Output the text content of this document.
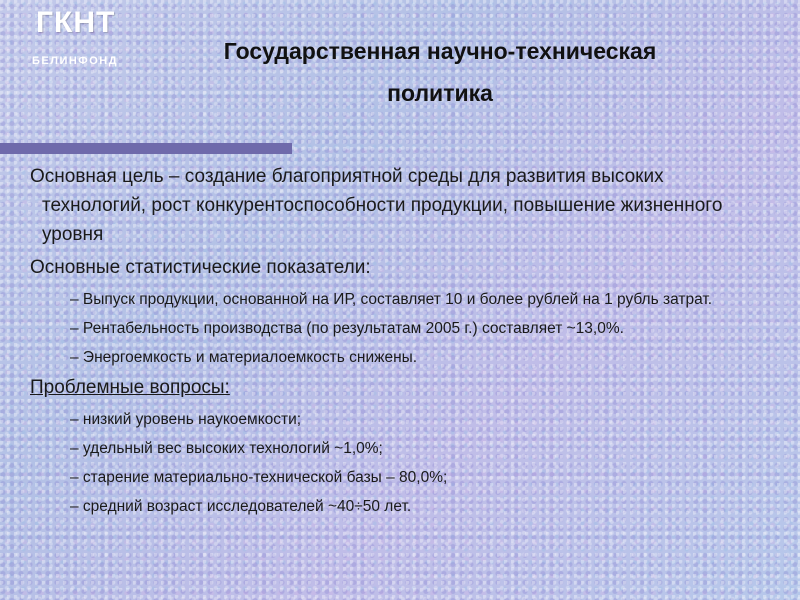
ГКНТ
БЕЛИНФОНД	Государственная научно-техническая
политика

Основная цель – создание благоприятной среды для развития высоких технологий, рост конкурентоспособности продукции, повышение жизненного уровня

Основные статистические показатели:

– Выпуск продукции, основанной на ИР, составляет 10 и более рублей на 1 рубль затрат.

– Рентабельность производства (по результатам 2005 г.) составляет ~13,0%.

– Энергоемкость и материалоемкость снижены.

Проблемные вопросы:

– низкий уровень наукоемкости;

– удельный вес высоких технологий ~1,0%;

– старение материально-технической базы – 80,0%;

– средний возраст исследователей ~40÷50 лет.
